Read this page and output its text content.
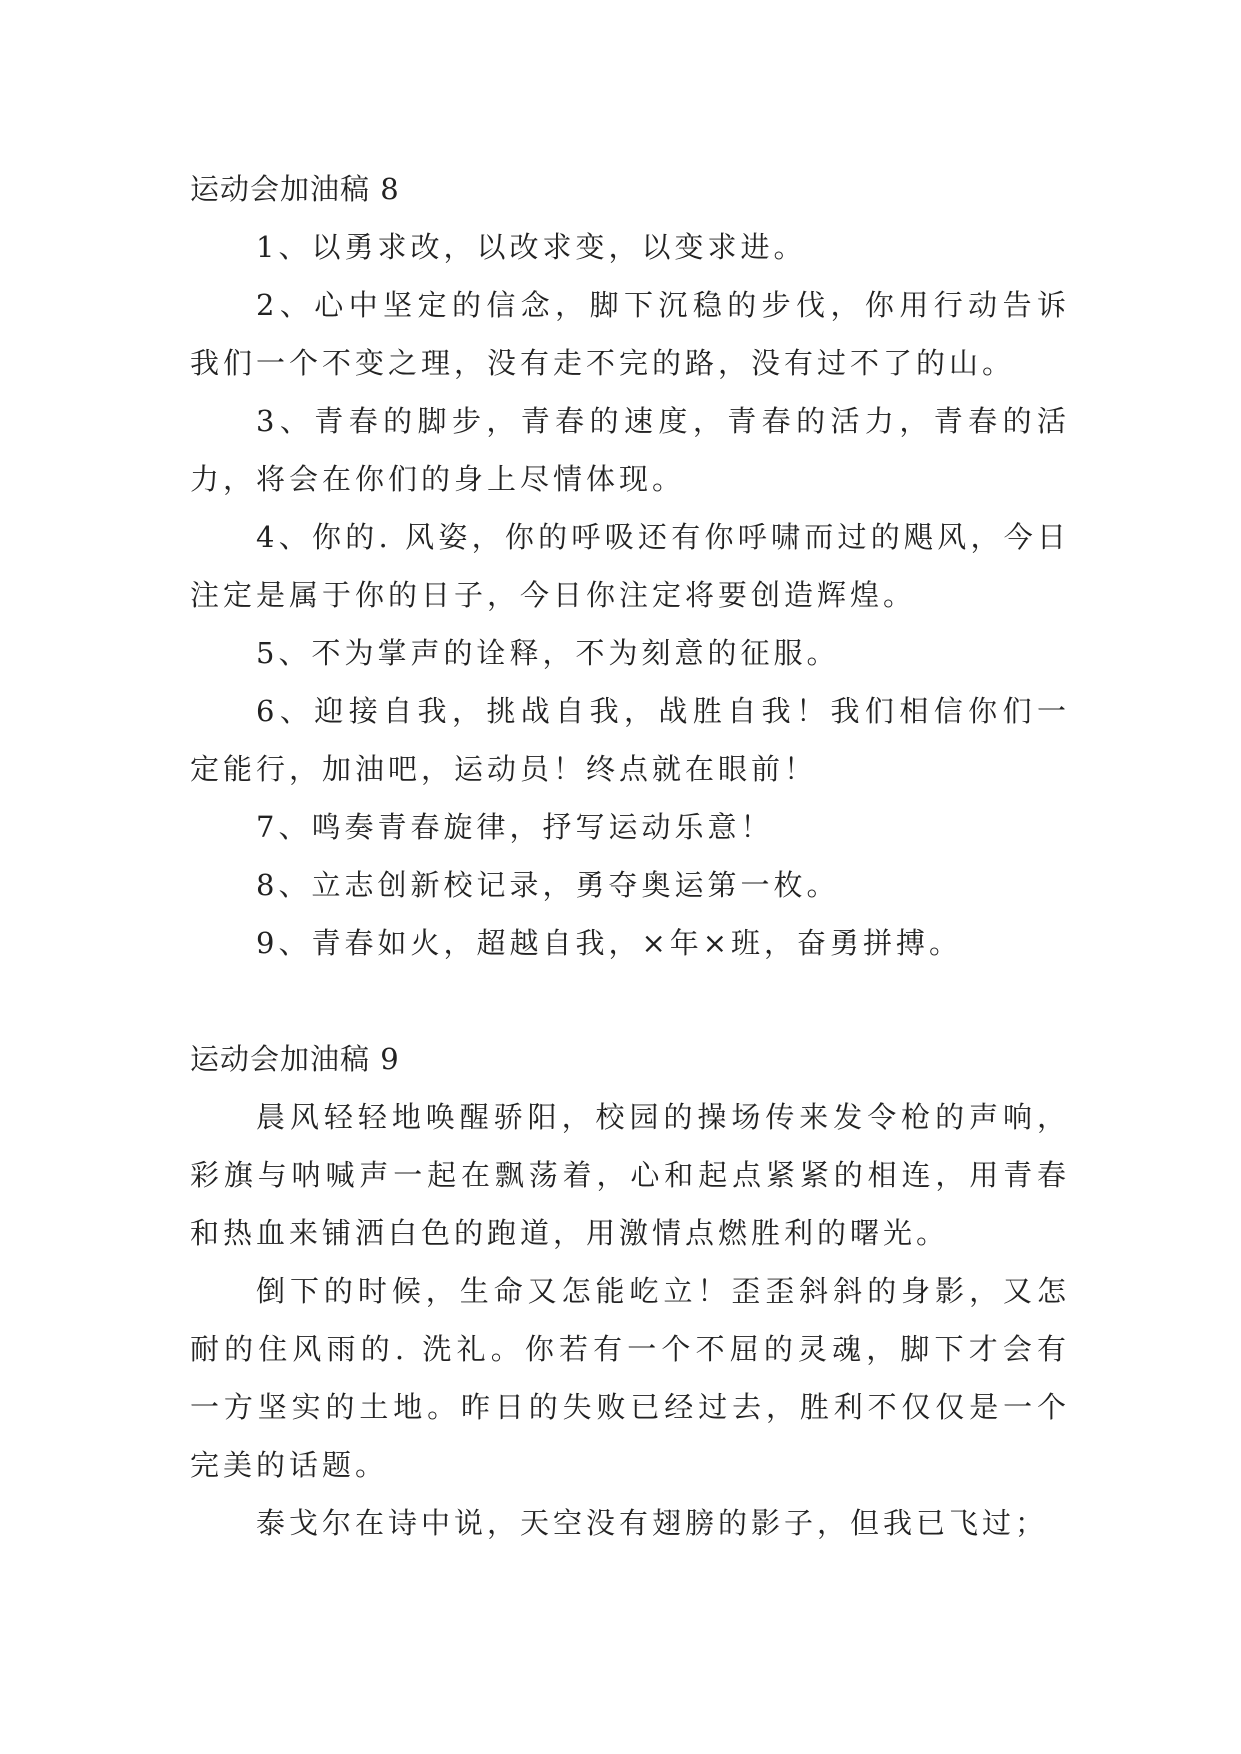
运动会加油稿 8

1、以勇求改，以改求变，以变求进。

2、心中坚定的信念，脚下沉稳的步伐，你用行动告诉我们一个不变之理，没有走不完的路，没有过不了的山。

3、青春的脚步，青春的速度，青春的活力，青春的活力，将会在你们的身上尽情体现。

4、你的. 风姿，你的呼吸还有你呼啸而过的飓风，今日注定是属于你的日子，今日你注定将要创造辉煌。

5、不为掌声的诠释，不为刻意的征服。

6、迎接自我，挑战自我，战胜自我！我们相信你们一定能行，加油吧，运动员！终点就在眼前！

7、鸣奏青春旋律，抒写运动乐意！

8、立志创新校记录，勇夺奥运第一枚。

9、青春如火，超越自我，×年×班，奋勇拼搏。

运动会加油稿 9

晨风轻轻地唤醒骄阳，校园的操场传来发令枪的声响，彩旗与呐喊声一起在飘荡着，心和起点紧紧的相连，用青春和热血来铺洒白色的跑道，用激情点燃胜利的曙光。

倒下的时候，生命又怎能屹立！歪歪斜斜的身影，又怎耐的住风雨的. 洗礼。你若有一个不屈的灵魂，脚下才会有一方坚实的土地。昨日的失败已经过去，胜利不仅仅是一个完美的话题。

泰戈尔在诗中说，天空没有翅膀的影子，但我已飞过；
